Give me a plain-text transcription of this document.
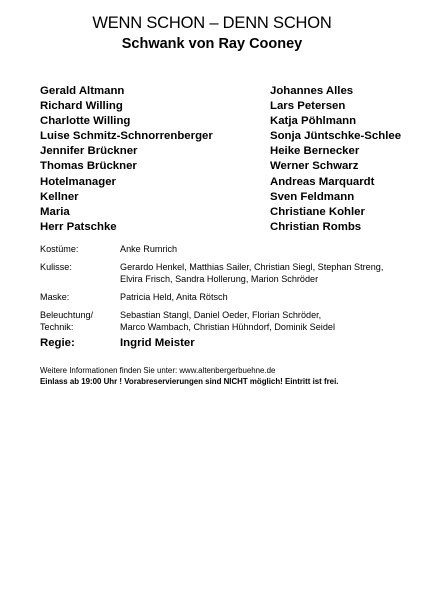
WENN SCHON – DENN SCHON
Schwank von Ray Cooney
Gerald Altmann	Johannes Alles
Richard Willing	Lars Petersen
Charlotte Willing	Katja Pöhlmann
Luise Schmitz-Schnorrenberger	Sonja Jüntschke-Schlee
Jennifer Brückner	Heike Bernecker
Thomas Brückner	Werner Schwarz
Hotelmanager	Andreas Marquardt
Kellner	Sven Feldmann
Maria	Christiane Kohler
Herr Patschke	Christian Rombs
Kostüme:	Anke Rumrich
Kulisse:	Gerardo Henkel, Matthias Sailer, Christian Siegl, Stephan Streng,
Elvira Frisch, Sandra Hollerung, Marion Schröder
Maske:	Patricia Held, Anita Rötsch
Beleuchtung/
Technik:
Sebastian Stangl, Daniel Oeder, Florian Schröder,
Marco Wambach, Christian Hühndorf, Dominik Seidel
Regie:	Ingrid Meister
Weitere Informationen finden Sie unter: www.altenbergerbuehne.de
Einlass ab 19:00 Uhr ! Vorabreservierungen sind NICHT möglich! Eintritt ist frei.
